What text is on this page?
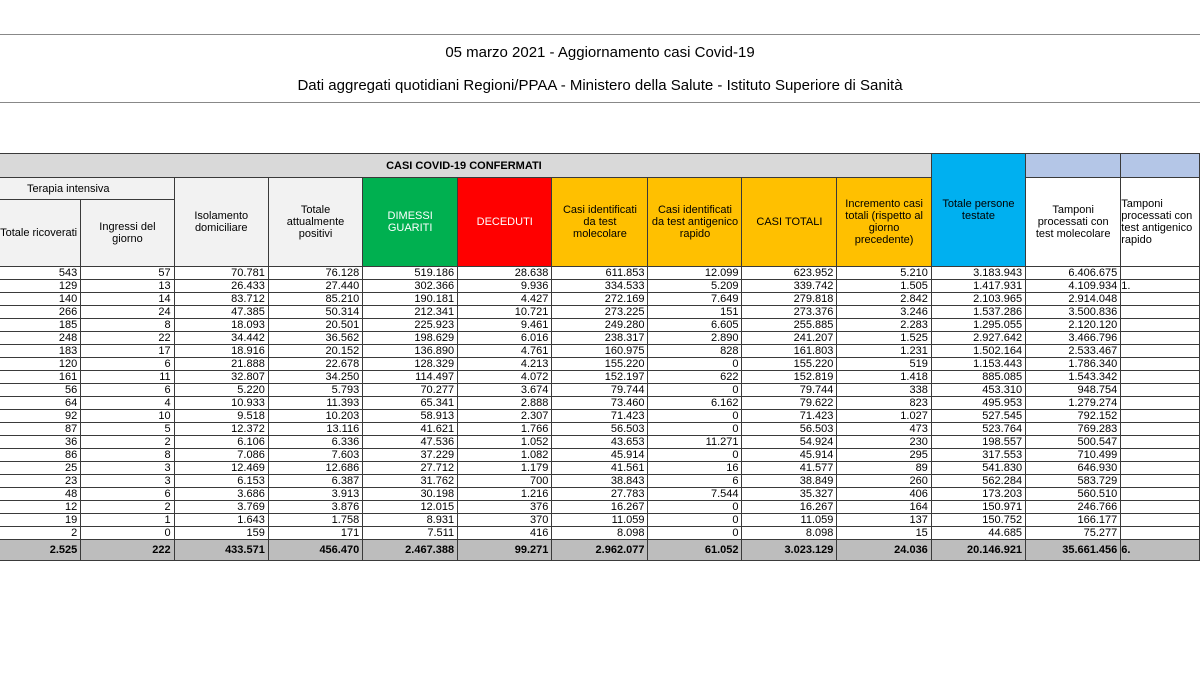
05 marzo 2021 - Aggiornamento casi Covid-19
Dati aggregati quotidiani Regioni/PPAA - Ministero della Salute - Istituto Superiore di Sanità
CASI COVID-19 CONFERMATI										Totale persone testate		
Terapia intensiva		Isolamento domiciliare	Totale attualmente positivi	DIMESSI GUARITI	DECEDUTI	Casi identificati da test molecolare	Casi identificati da test antigenico rapido	CASI TOTALI	Incremento casi totali (rispetto al giorno precedente)		Tamponi processati con test molecolare	Tamponi processati con test antigenico rapido
Totale ricoverati	Ingressi del giorno											
543	57	70.781	76.128	519.186	28.638	611.853	12.099	623.952	5.210	3.183.943	6.406.675	
129	13	26.433	27.440	302.366	9.936	334.533	5.209	339.742	1.505	1.417.931	4.109.934	1.
140	14	83.712	85.210	190.181	4.427	272.169	7.649	279.818	2.842	2.103.965	2.914.048	
266	24	47.385	50.314	212.341	10.721	273.225	151	273.376	3.246	1.537.286	3.500.836	
185	8	18.093	20.501	225.923	9.461	249.280	6.605	255.885	2.283	1.295.055	2.120.120	
248	22	34.442	36.562	198.629	6.016	238.317	2.890	241.207	1.525	2.927.642	3.466.796	
183	17	18.916	20.152	136.890	4.761	160.975	828	161.803	1.231	1.502.164	2.533.467	
120	6	21.888	22.678	128.329	4.213	155.220	0	155.220	519	1.153.443	1.786.340	
161	11	32.807	34.250	114.497	4.072	152.197	622	152.819	1.418	885.085	1.543.342	
56	6	5.220	5.793	70.277	3.674	79.744	0	79.744	338	453.310	948.754	
64	4	10.933	11.393	65.341	2.888	73.460	6.162	79.622	823	495.953	1.279.274	
92	10	9.518	10.203	58.913	2.307	71.423	0	71.423	1.027	527.545	792.152	
87	5	12.372	13.116	41.621	1.766	56.503	0	56.503	473	523.764	769.283	
36	2	6.106	6.336	47.536	1.052	43.653	11.271	54.924	230	198.557	500.547	
86	8	7.086	7.603	37.229	1.082	45.914	0	45.914	295	317.553	710.499	
25	3	12.469	12.686	27.712	1.179	41.561	16	41.577	89	541.830	646.930	
23	3	6.153	6.387	31.762	700	38.843	6	38.849	260	562.284	583.729	
48	6	3.686	3.913	30.198	1.216	27.783	7.544	35.327	406	173.203	560.510	
12	2	3.769	3.876	12.015	376	16.267	0	16.267	164	150.971	246.766	
19	1	1.643	1.758	8.931	370	11.059	0	11.059	137	150.752	166.177	
2	0	159	171	7.511	416	8.098	0	8.098	15	44.685	75.277	
2.525	222	433.571	456.470	2.467.388	99.271	2.962.077	61.052	3.023.129	24.036	20.146.921	35.661.456	6.
